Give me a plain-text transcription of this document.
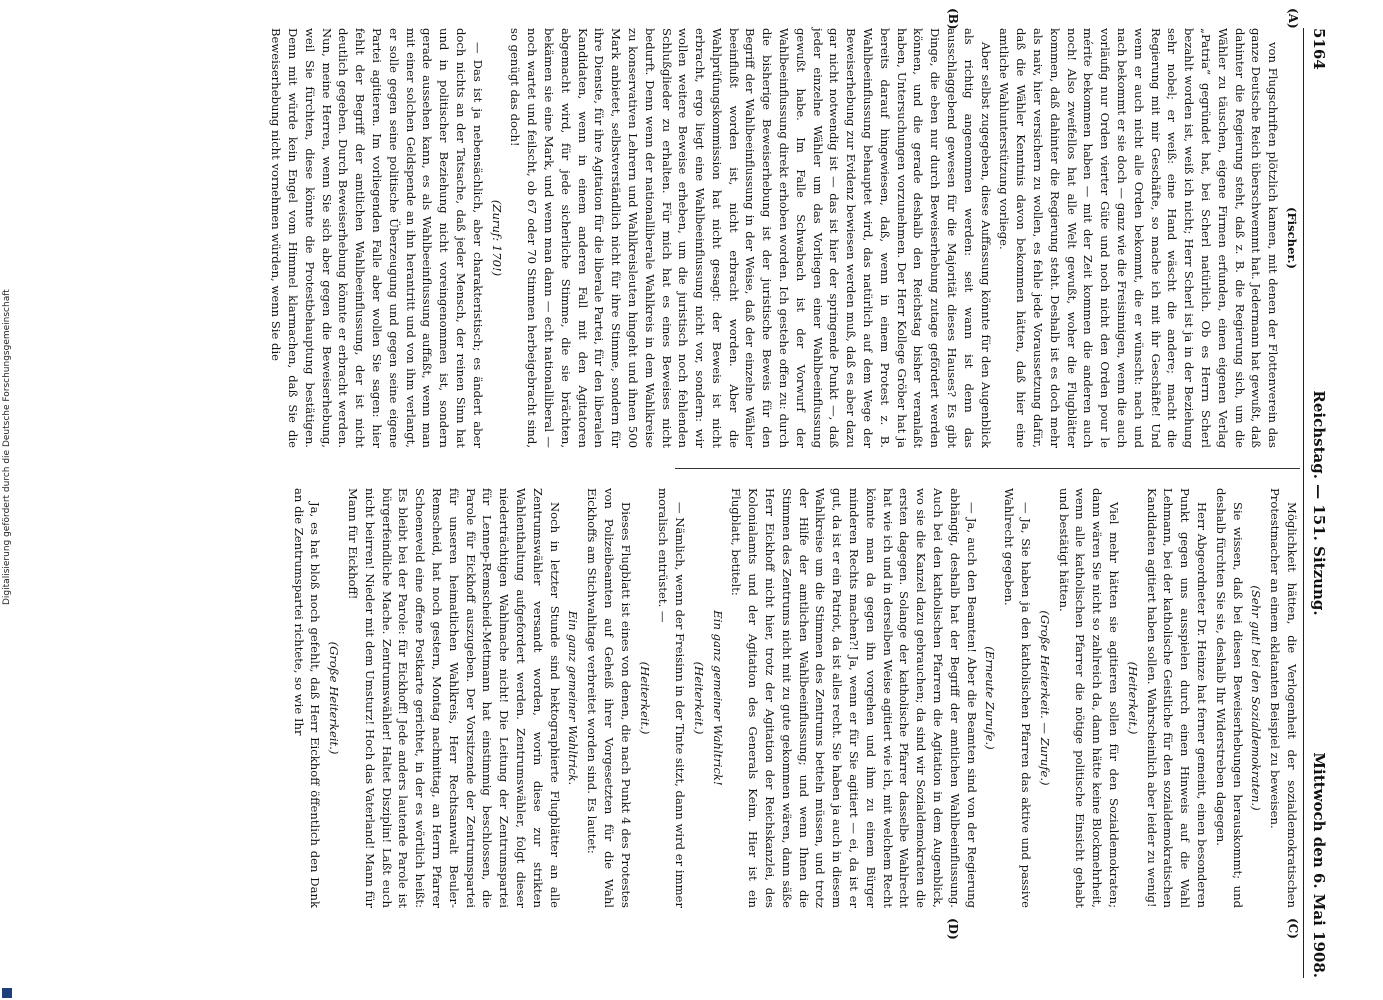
5164
Reichstag. — 151. Sitzung.
Mittwoch den 6. Mai 1908.
(A)
(B)
(C)
(D)

(Fischer.)

von Flugschriften plötzlich kamen, mit denen der Flottenverein das ganze Deutsche Reich überschwemmt hat. Jedermann hat gewußt, daß dahinter die Regierung steht, daß z. B. die Regierung sich, um die Wähler zu täuschen, eigene Firmen erfunden, einen eigenen Verlag „Patria“ gegründet hat, bei Scherl natürlich. Ob es Herrn Scherl bezahlt worden ist, weiß ich nicht; Herr Scherl ist ja in der Beziehung sehr nobel; er weiß: eine Hand wäscht die andere; macht die Regierung mit mir Geschäfte, so mache ich mit ihr Geschäfte! Und wenn er auch nicht alle Orden bekommt, die er wünscht: nach und nach bekommt er sie doch — ganz wie die Freisinnigen, wenn die auch vorläufig nur Orden vierter Güte und noch nicht den Orden pour le mérite bekommen haben — mit der Zeit kommen die anderen auch noch! Also zweifellos hat alle Welt gewußt, woher die Flugblätter kommen, daß dahinter die Regierung steht. Deshalb ist es doch mehr als naiv, hier versichern zu wollen, es fehle jede Voraussetzung dafür, daß die Wähler Kenntnis davon bekommen hätten, daß hier eine amtliche Wahlunterstützung vorliege.

Aber selbst zugegeben, diese Auffassung könnte für den Augenblick als richtig angenommen werden: seit wann ist denn das ausschlaggebend gewesen für die Majorität dieses Hauses? Es gibt Dinge, die eben nur durch Beweiserhebung zutage gefördert werden können, und die gerade deshalb den Reichstag bisher veranlaßt haben, Untersuchungen vorzunehmen. Der Herr Kollege Gröber hat ja bereits darauf hingewiesen, daß, wenn in einem Protest z. B. Wahlbeeinflussung behauptet wird, das natürlich auf dem Wege der Beweiserhebung zur Evidenz bewiesen werden muß, daß es aber dazu gar nicht notwendig ist — das ist hier der springende Punkt —, daß jeder einzelne Wähler um das Vorliegen einer Wahlbeeinflussung gewußt habe. Im Falle Schwabach ist der Vorwurf der Wahlbeeinflussung direkt erhoben worden. Ich gestehe offen zu: durch die bisherige Beweiserhebung ist der juristische Beweis für den Begriff der Wahlbeeinflussung in der Weise, daß der einzelne Wähler beeinflußt worden ist, nicht erbracht worden. Aber die Wahlprüfungskommission hat nicht gesagt: der Beweis ist nicht erbracht, ergo liegt eine Wahlbeeinflussung nicht vor, sondern: wir wollen weitere Beweise erheben, um die juristisch noch fehlenden Schlußglieder zu erhalten. Für mich hat es eines Beweises nicht bedurft. Denn wenn der nationalliberale Wahlkreis in dem Wahlkreise zu konservativen Lehrern und Wahlkreisleuten hingeht und ihnen 500 Mark anbietet, selbstverständlich nicht für ihre Stimme, sondern für ihre Dienste, für ihre Agitation für die liberale Partei, für den liberalen Kandidaten, wenn in einem anderen Fall mit den Agitatoren abgemacht wird, für jede sicherliche Stimme, die sie brächten, bekämen sie eine Mark, und wenn man dann — echt nationalliberal — noch wartet und feilscht, ob 67 oder 70 Stimmen herbeigebracht sind, so genügt das doch!

(Zuruf: 170!)

— Das ist ja nebensächlich, aber charakteristisch; es ändert aber doch nichts an der Tatsache, daß jeder Mensch, der reinen Sinn hat und in politischer Beziehung nicht voreingenommen ist, sondern gerade aussehen kann, es als Wahlbeeinflussung auffaßt, wenn man mit einer solchen Geldspende an ihn herantritt und von ihm verlangt, er solle gegen seine politische Überzeugung und gegen seine eigene Partei agitieren. Im vorliegenden Falle aber wollen Sie sagen: hier fehlt der Begriff der amtlichen Wahlbeeinflussung, der ist nicht deutlich gegeben. Durch Beweiserhebung könnte er erbracht werden. Nun, meine Herren, wenn Sie sich aber gegen die Beweiserhebung, weil Sie fürchten, diese könnte die Protestbehauptung bestätigen. Denn mit würde kein Engel vom Himmel klarmachen, daß Sie die Beweiserhebung nicht vornehmen würden, wenn Sie die

Möglichkeit hätten, die Verlogenheit der sozialdemokratischen Protestmacher an einem eklatanten Beispiel zu beweisen.

(Sehr gut! bei den Sozialdemokraten.)

Sie wissen, daß bei diesen Beweiserhebungen herauskommt; und deshalb fürchten Sie sie, deshalb Ihr Widerstreben dagegen.

Herr Abgeordneter Dr. Heinze hat ferner gemeint, einen besonderen Punkt gegen uns ausspielen durch einen Hinweis auf die Wahl Lehmann, bei der katholische Geistliche für den sozialdemokratischen Kandidaten agitiert haben sollen. Wahrscheinlich aber leider zu wenig!

(Heiterkeit.)

Viel mehr hätten sie agitieren sollen für den Sozialdemokraten; dann wären Sie nicht so zahlreich da, dann hätte keine Blockmehrheit, wenn alle katholischen Pfarrer die nötige politische Einsicht gehabt und bestätigt hätten.

(Große Heiterkeit. — Zurufe.)

— Ja, Sie haben ja den katholischen Pfarren das aktive und passive Wahlrecht gegeben.

(Erneute Zurufe.)

— Ja, auch den Beamten! Aber die Beamten sind von der Regierung abhängig, deshalb hat der Begriff der amtlichen Wahlbeeinflussung. Auch bei den katholischen Pfarrern die Agitation in dem Augenblick, wo sie die Kanzel dazu gebrauchen; da sind wir Sozialdemokraten die ersten dagegen. Solange der katholische Pfarrer dasselbe Wahlrecht hat wie ich und in derselben Weise agitiert wie ich, mit welchem Recht könnte man da gegen ihn vorgehen und ihm zu einem Bürger minderen Rechts machen?! Ja, wenn er für Sie agitiert — ei, da ist er gut, da ist er ein Patriot, da ist alles recht. Sie haben ja auch in diesem Wahlkreise um die Stimmen des Zentrums betteln müssen, und trotz der Hilfe der amtlichen Wahlbeeinflussung; und wenn Ihnen die Stimmen des Zentrums nicht mit zu gute gekommen wären, dann säße Herr Eickhoff nicht hier, trotz der Agitation der Reichskanzlei, des Kolonialamts und der Agitation des Generals Keim. Hier ist ein Flugblatt, betitelt:

Ein ganz gemeiner Wahltrick!

(Heiterkeit.)

— Nämlich, wenn der Freisinn in der Tinte sitzt, dann wird er immer moralisch entrüstet. —

(Heiterkeit.)

Dieses Flugblatt ist eines von denen, die nach Punkt 4 des Protestes von Polizeibeamten auf Geheiß ihrer Vorgesetzten für die Wahl Eickhoffs am Stichwahltage verbreitet worden sind. Es lautet:

Ein ganz gemeiner Wahltrick.

Noch in letzter Stunde sind hektographierte Flugblätter an alle Zentrumswähler versandt worden, worin diese zur strikten Wahlenthaltung aufgefordert werden. Zentrumswähler, folgt dieser niederträchtigen Wahlmache nicht! Die Leitung der Zentrumspartei für Lennep-Remscheid-Mettmann hat einstimmig beschlossen, die Parole für Eickhoff auszugeben. Der Vorsitzende der Zentrumspartei für unseren heimatlichen Wahlkreis, Herr Rechtsanwalt Beuler-Remscheid, hat noch gestern, Montag nachmittag, an Herrn Pfarrer Schoeneveld eine offene Postkarte gerichtet, in der es wörtlich heißt: Es bleibt bei der Parole: für Eickhoff! Jede anders lautende Parole ist bürgerfeindliche Mache. Zentrumswähler! Haltet Disziplin! Laßt euch nicht beirren! Nieder mit dem Umsturz! Hoch das Vaterland! Mann für Mann für Eickhoff!

(Große Heiterkeit.)

Ja, es hat bloß noch gefehlt, daß Herr Eickhoff öffentlich den Dank an die Zentrumspartei richtete, so wie Ihr

Digitalisierung gefördert durch die Deutsche Forschungsgemeinschaft
